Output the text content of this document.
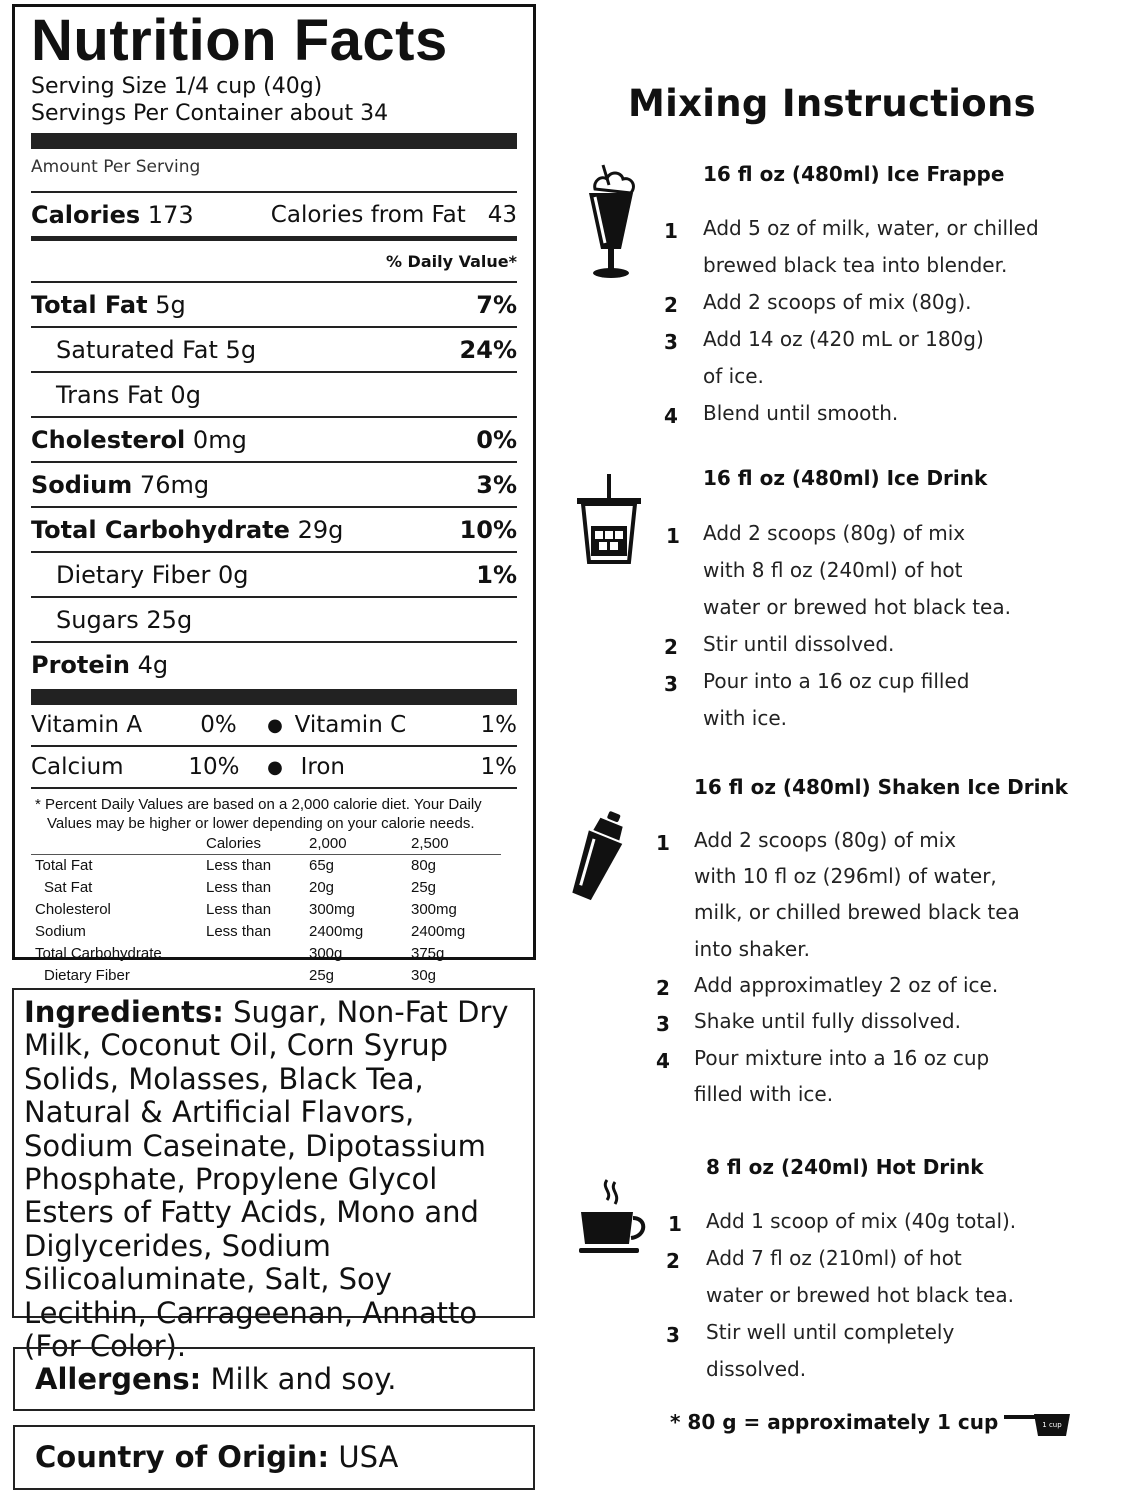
Nutrition Facts
Serving Size 1/4 cup (40g)
Servings Per Container about 34
Amount Per Serving
Calories 173	Calories from Fat 43
% Daily Value*
Total Fat 5g	7%
Saturated Fat 5g	24%
Trans Fat 0g
Cholesterol 0mg	0%
Sodium 76mg	3%
Total Carbohydrate 29g	10%
Dietary Fiber 0g	1%
Sugars 25g
Protein 4g
Vitamin A	0%	● Vitamin C	1%
Calcium	10%	● Iron	1%
* Percent Daily Values are based on a 2,000 calorie diet. Your Daily Values may be higher or lower depending on your calorie needs.
	Calories	2,000	2,500
Total Fat	Less than	65g	80g
Sat Fat	Less than	20g	25g
Cholesterol	Less than	300mg	300mg
Sodium	Less than	2400mg	2400mg
Total Carbohydrate		300g	375g
Dietary Fiber		25g	30g
Ingredients: Sugar, Non-Fat Dry Milk, Coconut Oil, Corn Syrup Solids, Molasses, Black Tea, Natural & Artificial Flavors, Sodium Caseinate, Dipotassium Phosphate, Propylene Glycol Esters of Fatty Acids, Mono and Diglycerides, Sodium Silicoaluminate, Salt, Soy Lecithin, Carrageenan, Annatto (For Color).
Allergens: Milk and soy.
Country of Origin: USA
Mixing Instructions
16 fl oz (480ml) Ice Frappe
1 Add 5 oz of milk, water, or chilled
brewed black tea into blender.
2 Add 2 scoops of mix (80g).
3 Add 14 oz (420 mL or 180g)
of ice.
4 Blend until smooth.
16 fl oz (480ml) Ice Drink
1 Add 2 scoops (80g) of mix
with 8 fl oz (240ml) of hot
water or brewed hot black tea.
2 Stir until dissolved.
3 Pour into a 16 oz cup filled
with ice.
16 fl oz (480ml) Shaken Ice Drink
1 Add 2 scoops (80g) of mix
with 10 fl oz (296ml) of water,
milk, or chilled brewed black tea
into shaker.
2 Add approximatley 2 oz of ice.
3 Shake until fully dissolved.
4 Pour mixture into a 16 oz cup
filled with ice.
8 fl oz (240ml) Hot Drink
1 Add 1 scoop of mix (40g total).
2 Add 7 fl oz (210ml) of hot
water or brewed hot black tea.
3 Stir well until completely
dissolved.
* 80 g = approximately 1 cup	1 cup
